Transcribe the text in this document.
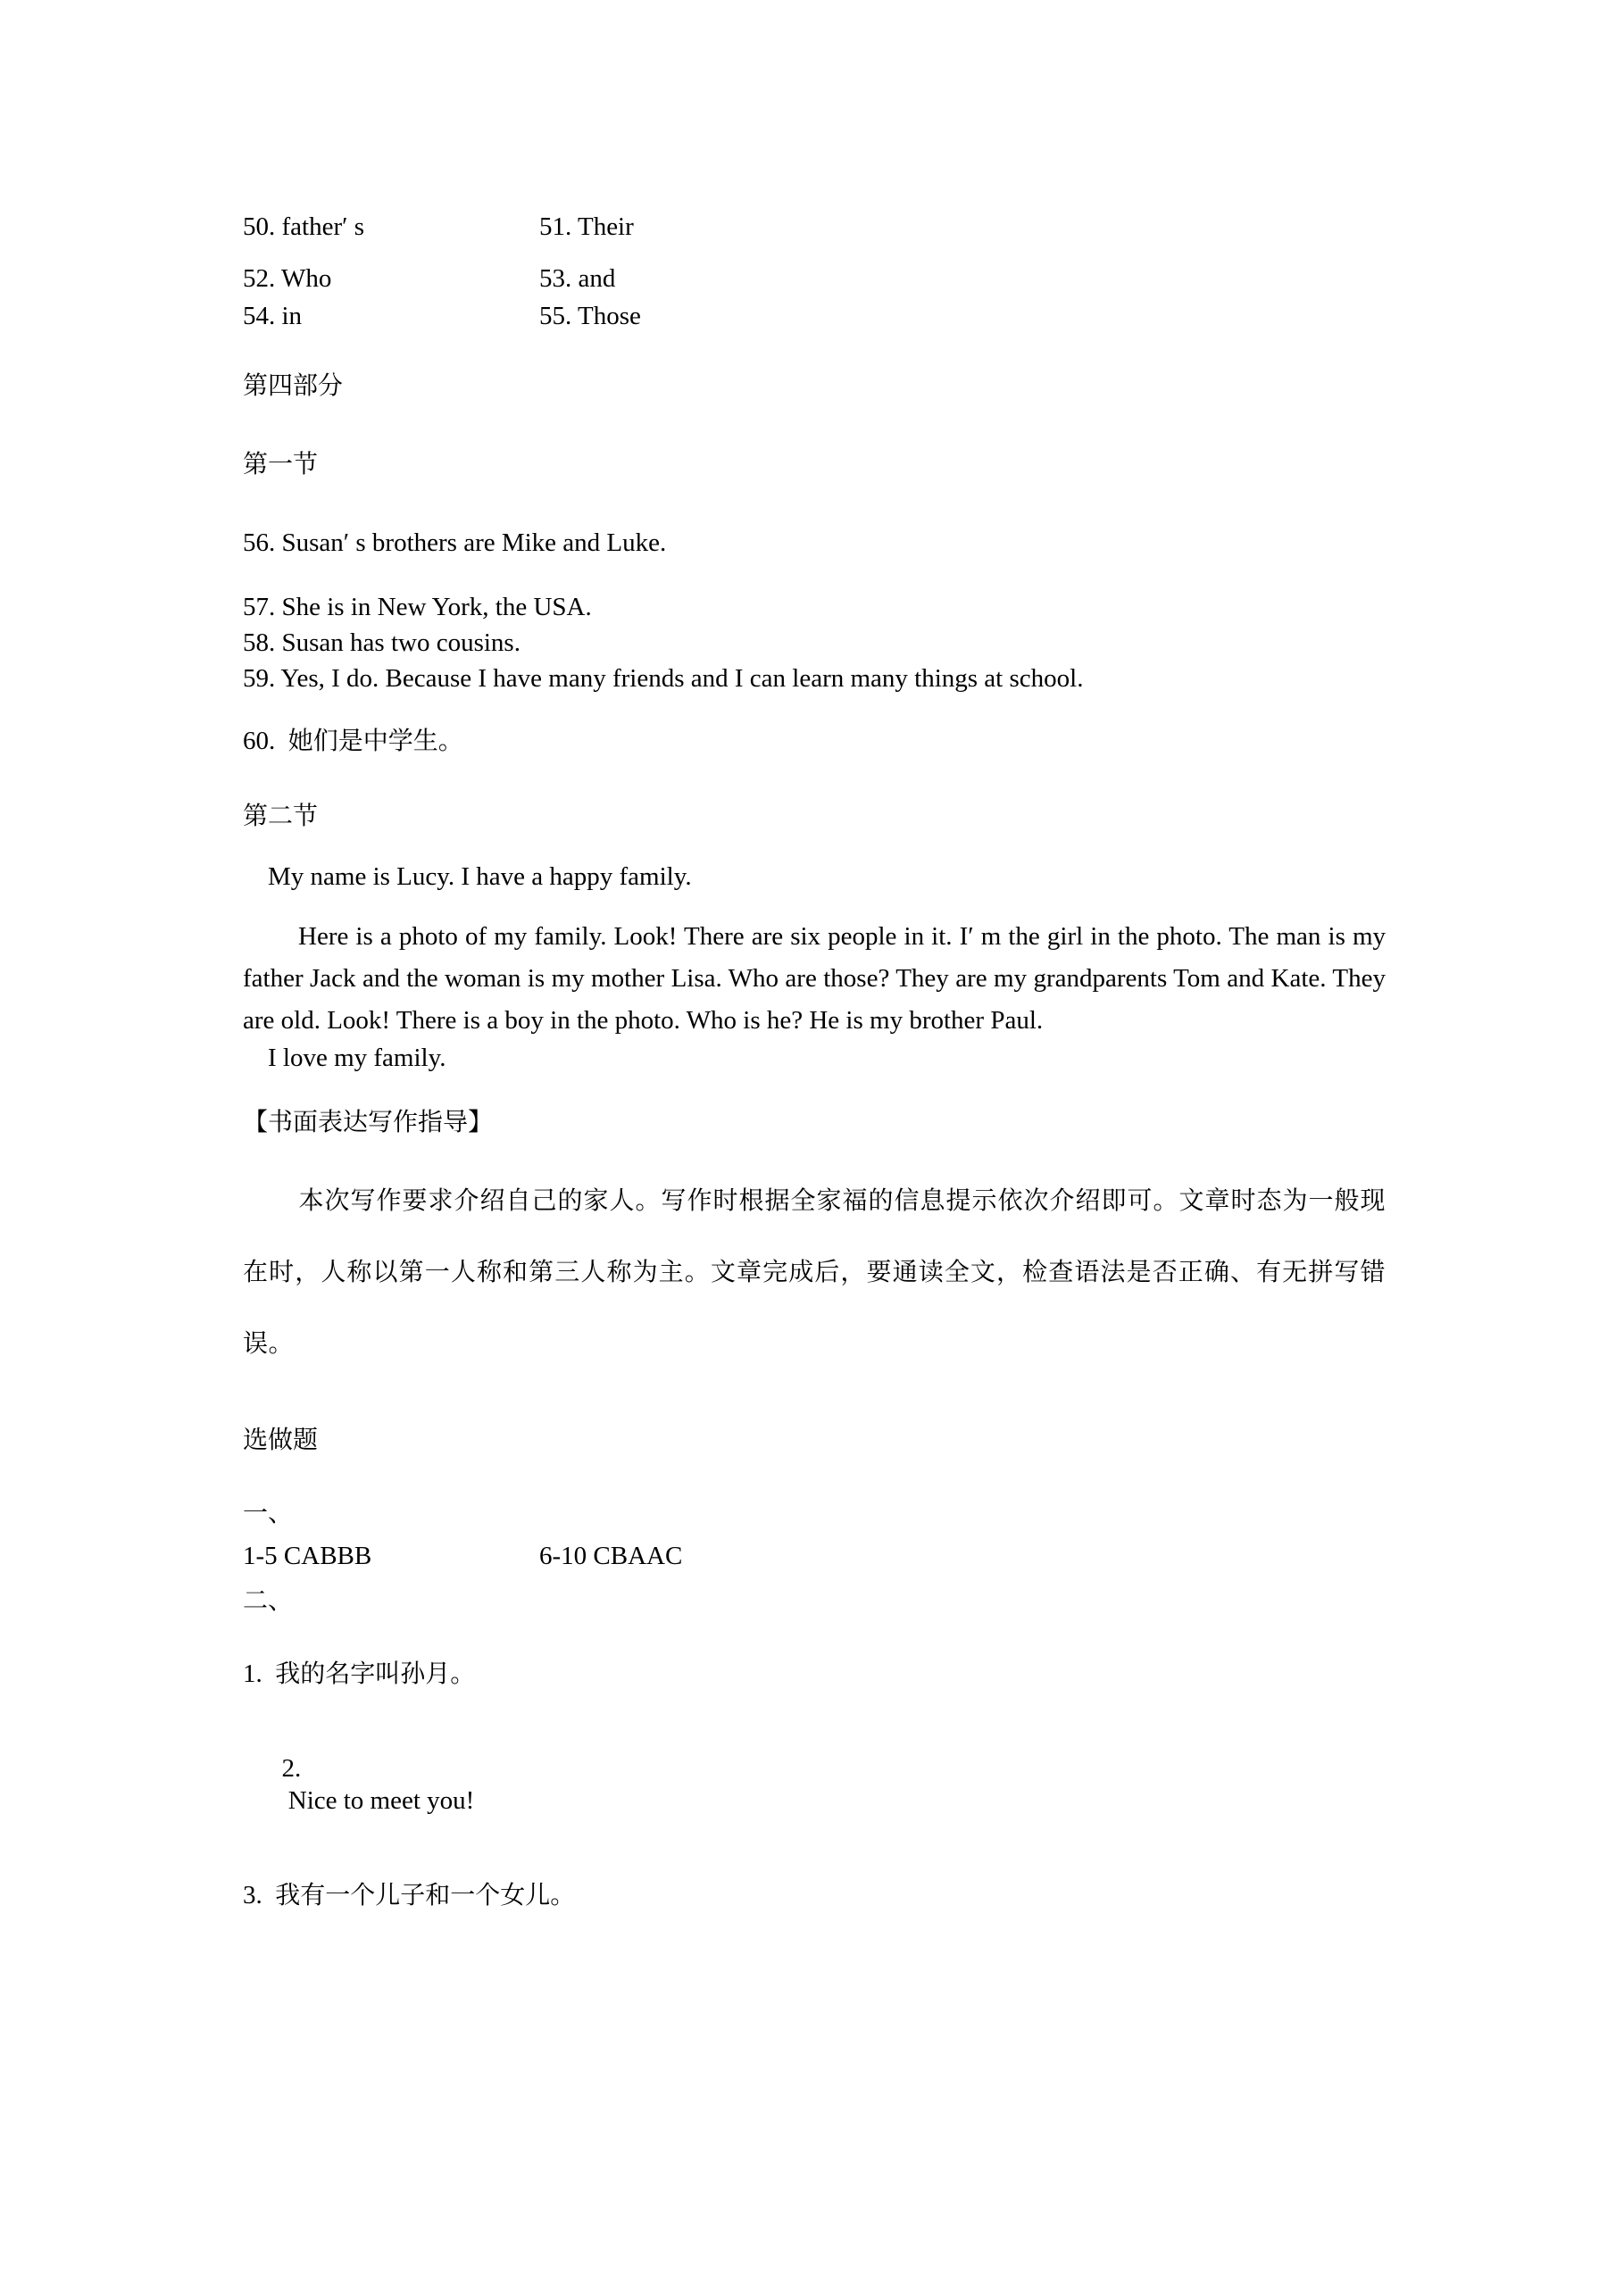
50. father′ s	51. Their
52. Who	53. and
54. in	55. Those
第四部分
第一节
56. Susan′ s brothers are Mike and Luke.
57. She is in New York, the USA.
58. Susan has two cousins.
59. Yes, I do. Because I have many friends and I can learn many things at school.
60. 她们是中学生。
第二节
My name is Lucy. I have a happy family.
Here is a photo of my family. Look! There are six people in it. I′ m the girl in the photo. The man is my father Jack and the woman is my mother Lisa. Who are those? They are my grandparents Tom and Kate. They are old. Look! There is a boy in the photo. Who is he? He is my brother Paul.
I love my family.
【书面表达写作指导】
本次写作要求介绍自己的家人。写作时根据全家福的信息提示依次介绍即可。文章时态为一般现在时，人称以第一人称和第三人称为主。文章完成后，要通读全文，检查语法是否正确、有无拼写错误。
选做题
一、
1-5 CABBB	6-10 CBAAC
二、
1. 我的名字叫孙月。

2.
Nice to meet you!

3. 我有一个儿子和一个女儿。
